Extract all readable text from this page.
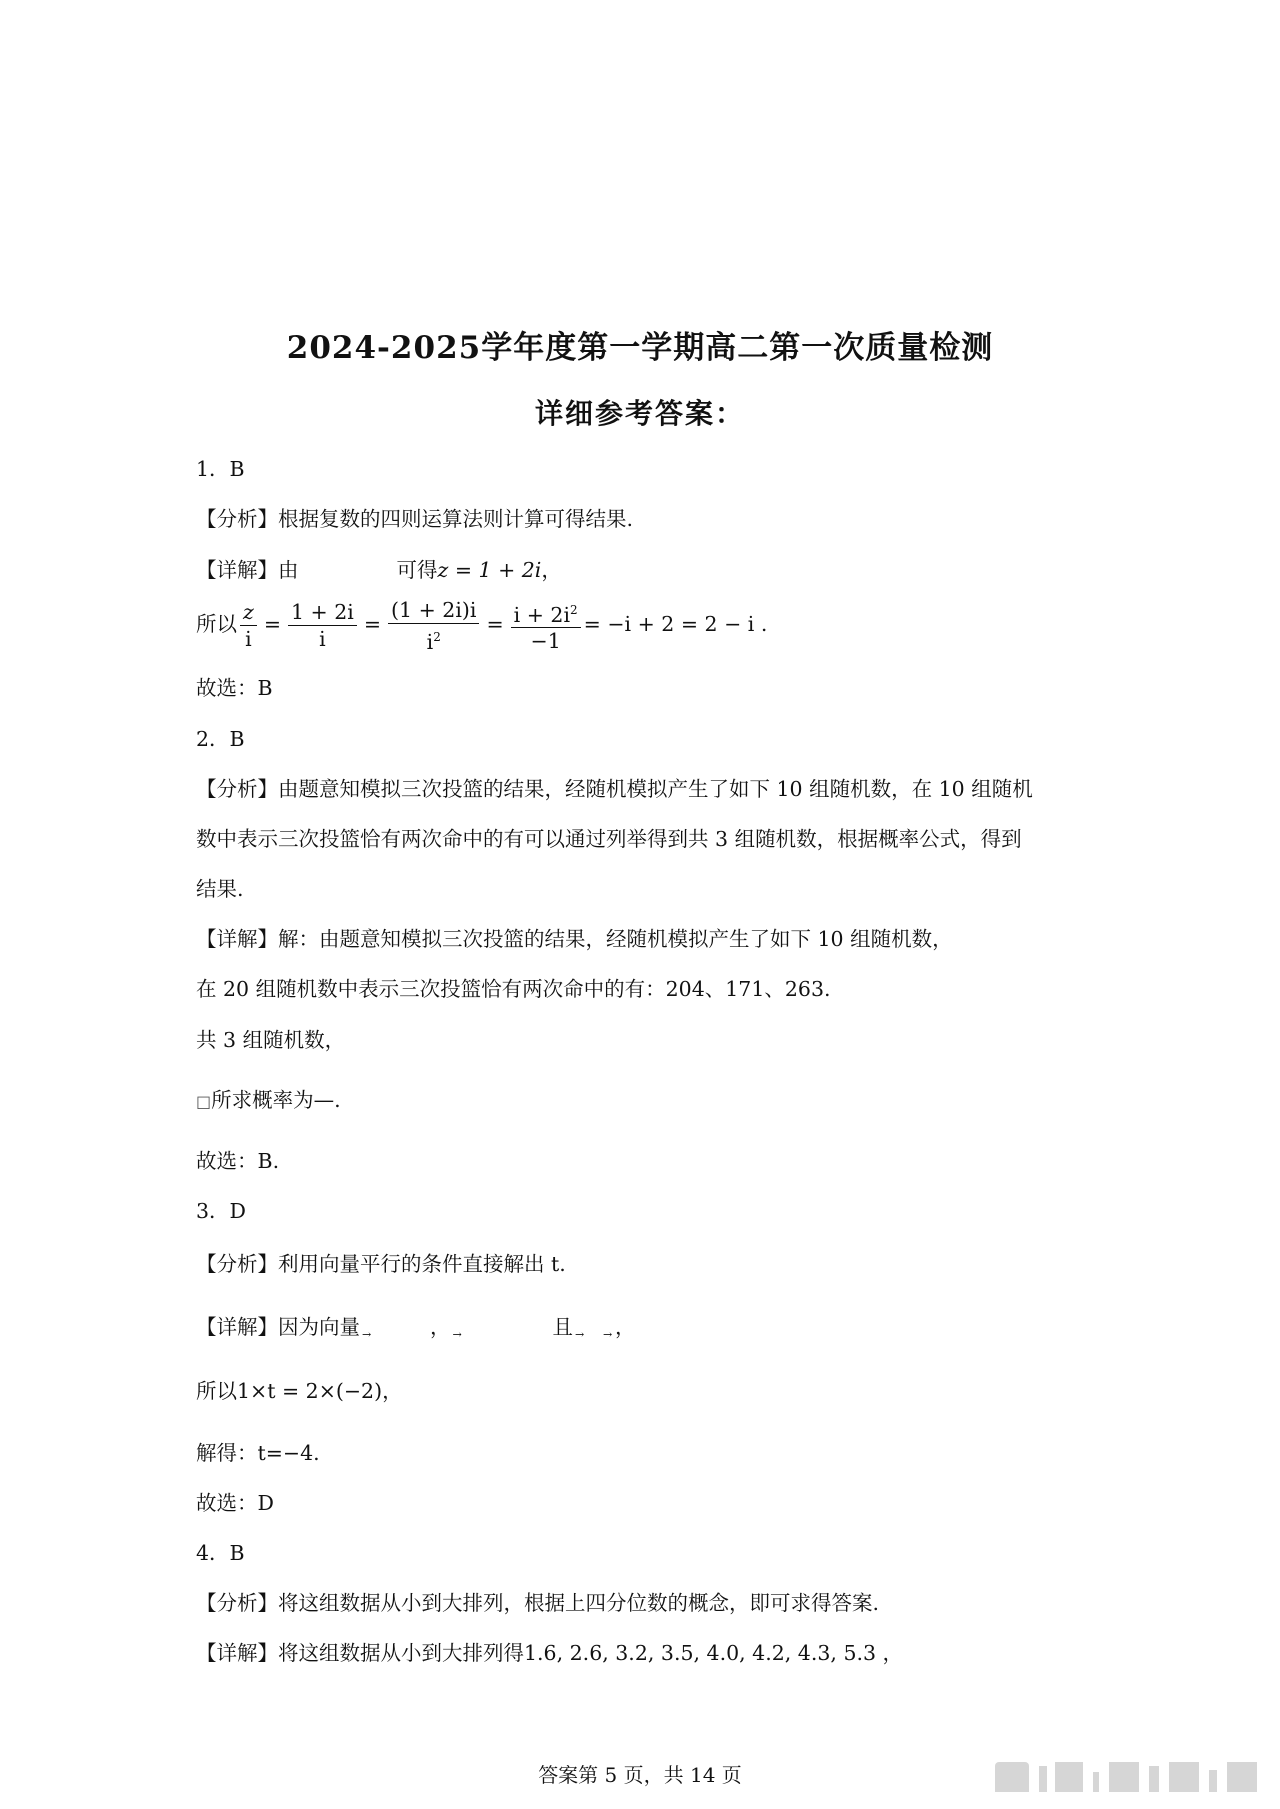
2024-2025学年度第一学期高二第一次质量检测
详细参考答案：
1．B
【分析】根据复数的四则运算法则计算可得结果.
【详解】由	可得z = 1 + 2i，
所以 $\frac{z}{i} = \frac{1 + 2i}{i} = \frac{(1 + 2i)i}{i^2} = \frac{i + 2i^2}{-1} = -i + 2 = 2 - i$ .
故选：B
2．B
【分析】由题意知模拟三次投篮的结果，经随机模拟产生了如下 10 组随机数，在 10 组随机
数中表示三次投篮恰有两次命中的有可以通过列举得到共 3 组随机数，根据概率公式，得到
结果.
【详解】解：由题意知模拟三次投篮的结果，经随机模拟产生了如下 10 组随机数，
在 20 组随机数中表示三次投篮恰有两次命中的有：204、171、263.
共 3 组随机数，
□所求概率为—.
故选：B.
3．D
【分析】利用向量平行的条件直接解出 t.
【详解】因为向量	，	且 ，
所以1×t = 2×(−2)，
解得：t=−4.
故选：D
4．B
【分析】将这组数据从小到大排列，根据上四分位数的概念，即可求得答案.
【详解】将这组数据从小到大排列得1.6, 2.6, 3.2, 3.5, 4.0, 4.2, 4.3, 5.3 ，
答案第 5 页，共 14 页
